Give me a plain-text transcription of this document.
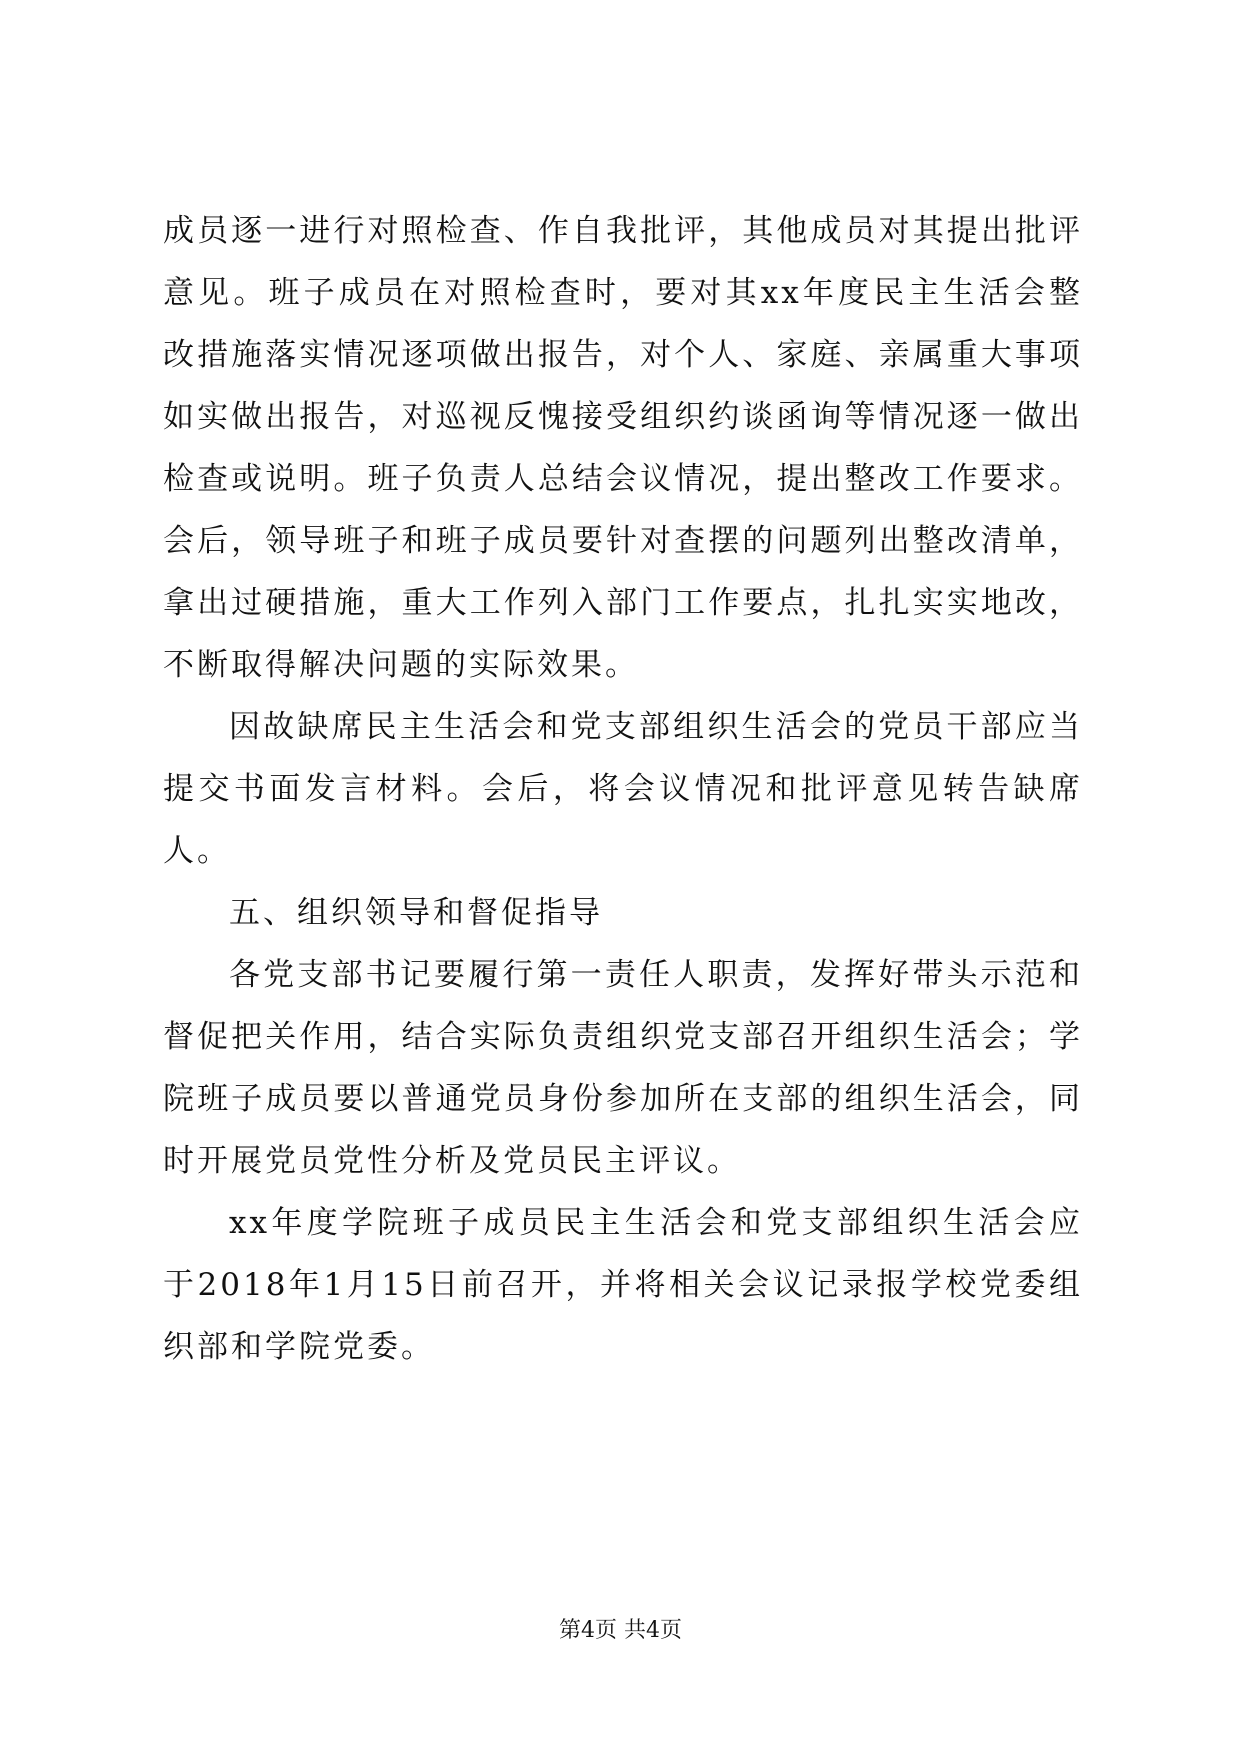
成员逐一进行对照检查、作自我批评，其他成员对其提出批评意见。班子成员在对照检查时，要对其xx年度民主生活会整改措施落实情况逐项做出报告，对个人、家庭、亲属重大事项如实做出报告，对巡视反愧接受组织约谈函询等情况逐一做出检查或说明。班子负责人总结会议情况，提出整改工作要求。会后，领导班子和班子成员要针对查摆的问题列出整改清单，拿出过硬措施，重大工作列入部门工作要点，扎扎实实地改，不断取得解决问题的实际效果。

因故缺席民主生活会和党支部组织生活会的党员干部应当提交书面发言材料。会后，将会议情况和批评意见转告缺席人。

五、组织领导和督促指导

各党支部书记要履行第一责任人职责，发挥好带头示范和督促把关作用，结合实际负责组织党支部召开组织生活会；学院班子成员要以普通党员身份参加所在支部的组织生活会，同时开展党员党性分析及党员民主评议。

xx年度学院班子成员民主生活会和党支部组织生活会应于2018年1月15日前召开，并将相关会议记录报学校党委组织部和学院党委。

第4页 共4页
